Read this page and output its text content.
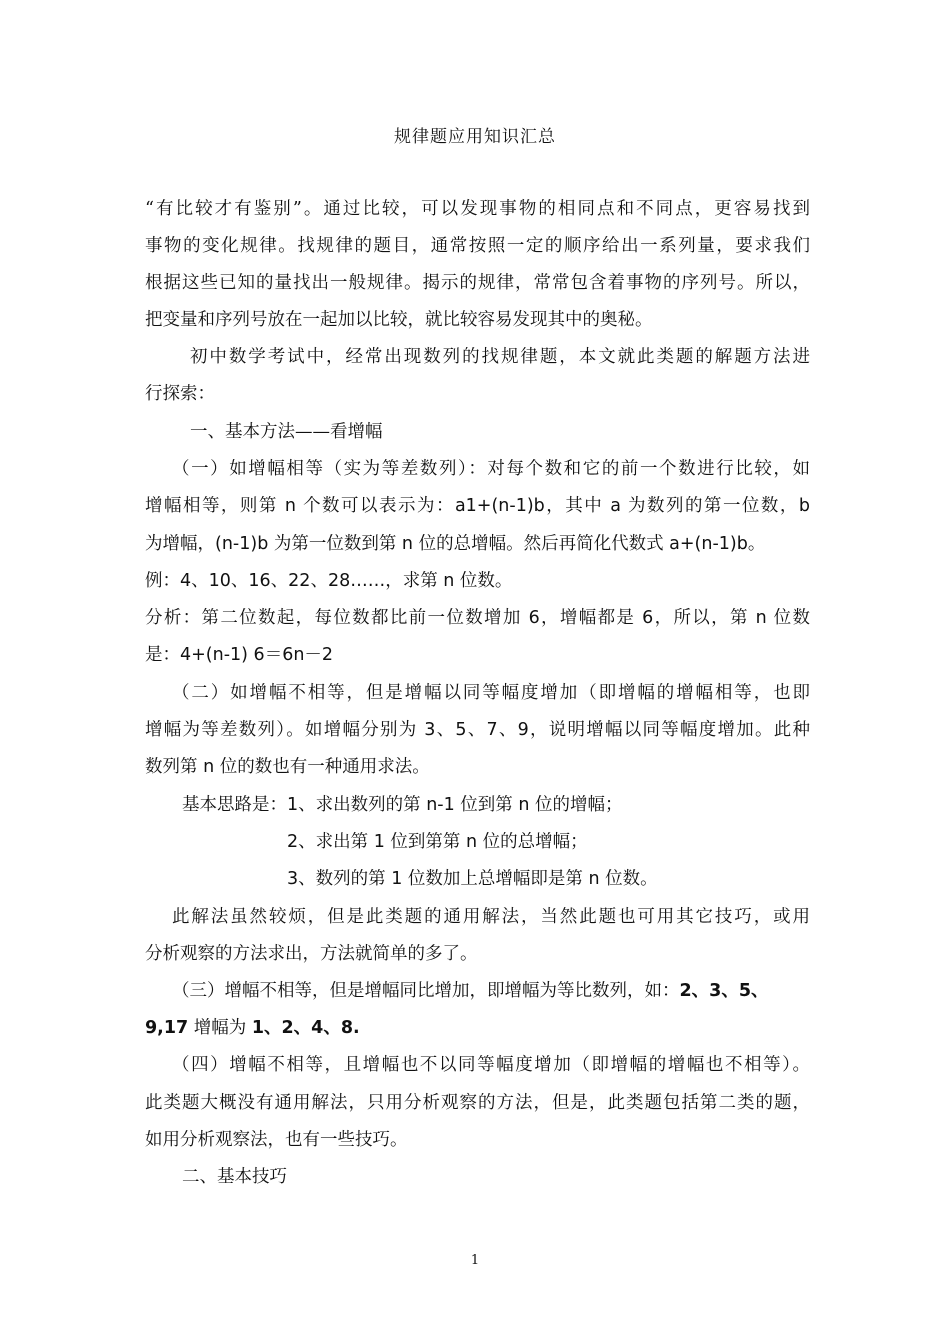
规律题应用知识汇总
“有比较才有鉴别”。通过比较，可以发现事物的相同点和不同点，更容易找到
事物的变化规律。找规律的题目，通常按照一定的顺序给出一系列量，要求我们
根据这些已知的量找出一般规律。揭示的规律，常常包含着事物的序列号。所以，
把变量和序列号放在一起加以比较，就比较容易发现其中的奥秘。
初中数学考试中，经常出现数列的找规律题，本文就此类题的解题方法进
行探索：
一、基本方法——看增幅
（一）如增幅相等（实为等差数列）：对每个数和它的前一个数进行比较，如
增幅相等，则第 n 个数可以表示为：a1+(n-1)b，其中 a 为数列的第一位数，b
为增幅，(n-1)b 为第一位数到第 n 位的总增幅。然后再简化代数式 a+(n-1)b。
例：4、10、16、22、28……，求第 n 位数。
分析：第二位数起，每位数都比前一位数增加 6，增幅都是 6，所以，第 n 位数
是：4+(n-1) 6＝6n－2
（二）如增幅不相等，但是增幅以同等幅度增加（即增幅的增幅相等，也即
增幅为等差数列）。如增幅分别为 3、5、7、9，说明增幅以同等幅度增加。此种
数列第 n 位的数也有一种通用求法。
基本思路是：1、求出数列的第 n-1 位到第 n 位的增幅；
2、求出第 1 位到第第 n 位的总增幅；
3、数列的第 1 位数加上总增幅即是第 n 位数。
此解法虽然较烦，但是此类题的通用解法，当然此题也可用其它技巧，或用
分析观察的方法求出，方法就简单的多了。
（三）增幅不相等，但是增幅同比增加，即增幅为等比数列，如：2、3、5、
9,17 增幅为 1、2、4、8.
（四）增幅不相等，且增幅也不以同等幅度增加（即增幅的增幅也不相等）。
此类题大概没有通用解法，只用分析观察的方法，但是，此类题包括第二类的题，
如用分析观察法，也有一些技巧。
二、基本技巧
1
